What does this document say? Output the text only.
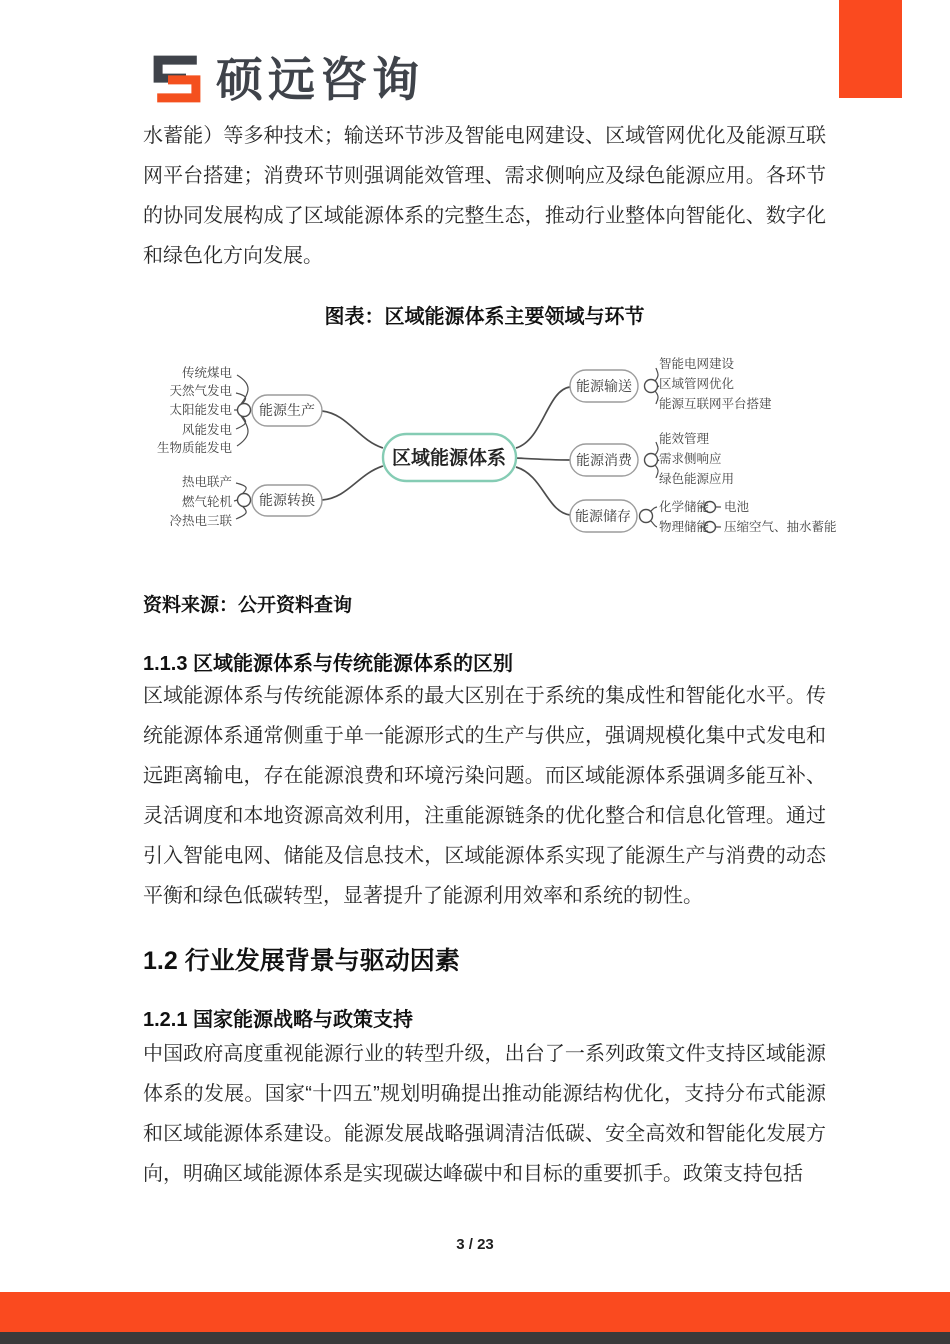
硕远咨询
水蓄能）等多种技术；输送环节涉及智能电网建设、区域管网优化及能源互联网平台搭建；消费环节则强调能效管理、需求侧响应及绿色能源应用。各环节的协同发展构成了区域能源体系的完整生态，推动行业整体向智能化、数字化和绿色化方向发展。
图表：区域能源体系主要领域与环节
区域能源体系
能源生产
能源转换
能源输送
能源消费
能源储存
传统煤电
天然气发电
太阳能发电
风能发电
生物质能发电
热电联产
燃气轮机
冷热电三联
智能电网建设
区域管网优化
能源互联网平台搭建
能效管理
需求侧响应
绿色能源应用
化学储能 电池
物理储能 压缩空气、抽水蓄能
资料来源：公开资料查询
1.1.3 区域能源体系与传统能源体系的区别
区域能源体系与传统能源体系的最大区别在于系统的集成性和智能化水平。传统能源体系通常侧重于单一能源形式的生产与供应，强调规模化集中式发电和远距离输电，存在能源浪费和环境污染问题。而区域能源体系强调多能互补、灵活调度和本地资源高效利用，注重能源链条的优化整合和信息化管理。通过引入智能电网、储能及信息技术，区域能源体系实现了能源生产与消费的动态平衡和绿色低碳转型，显著提升了能源利用效率和系统的韧性。
1.2 行业发展背景与驱动因素
1.2.1 国家能源战略与政策支持
中国政府高度重视能源行业的转型升级，出台了一系列政策文件支持区域能源体系的发展。国家“十四五”规划明确提出推动能源结构优化，支持分布式能源和区域能源体系建设。能源发展战略强调清洁低碳、安全高效和智能化发展方向，明确区域能源体系是实现碳达峰碳中和目标的重要抓手。政策支持包括
3 / 23
